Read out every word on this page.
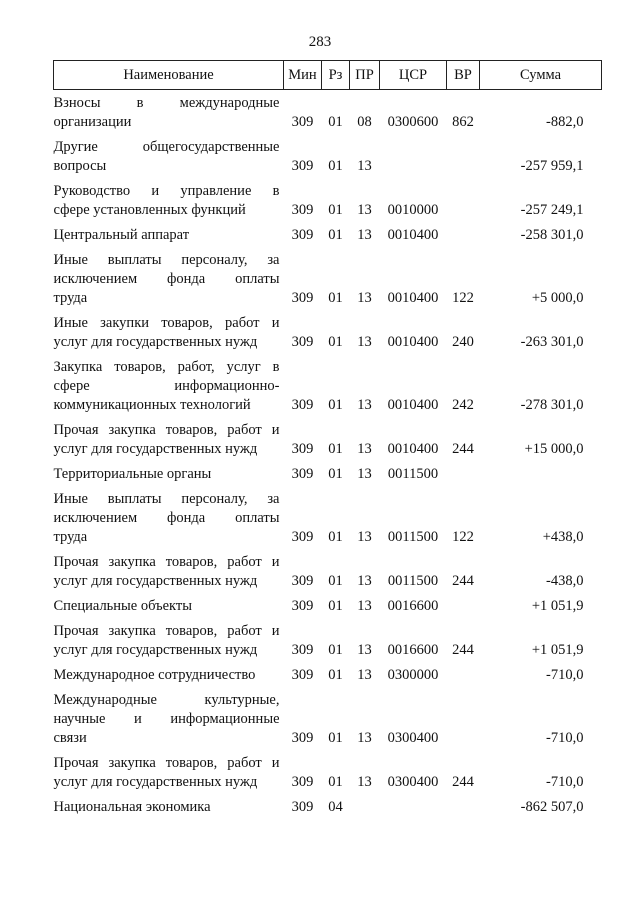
283
Наименование	Мин	Рз	ПР	ЦСР	ВР	Сумма

Взносы в международные
организации	309	01	08	0300600	862	-882,0

Другие общегосударственные
вопросы	309	01	13			-257 959,1

Руководство и управление в
сфере установленных функций	309	01	13	0010000		-257 249,1

Центральный аппарат	309	01	13	0010400		-258 301,0

Иные выплаты персоналу, за
исключением фонда оплаты
труда	309	01	13	0010400	122	+5 000,0

Иные закупки товаров, работ и
услуг для государственных нужд	309	01	13	0010400	240	-263 301,0

Закупка товаров, работ, услуг в
сфере информационно-
коммуникационных технологий	309	01	13	0010400	242	-278 301,0

Прочая закупка товаров, работ и
услуг для государственных нужд	309	01	13	0010400	244	+15 000,0

Территориальные органы	309	01	13	0011500		

Иные выплаты персоналу, за
исключением фонда оплаты
труда	309	01	13	0011500	122	+438,0

Прочая закупка товаров, работ и
услуг для государственных нужд	309	01	13	0011500	244	-438,0

Специальные объекты	309	01	13	0016600		+1 051,9

Прочая закупка товаров, работ и
услуг для государственных нужд	309	01	13	0016600	244	+1 051,9

Международное сотрудничество	309	01	13	0300000		-710,0

Международные культурные,
научные и информационные
связи	309	01	13	0300400		-710,0

Прочая закупка товаров, работ и
услуг для государственных нужд	309	01	13	0300400	244	-710,0

Национальная экономика	309	04				-862 507,0
